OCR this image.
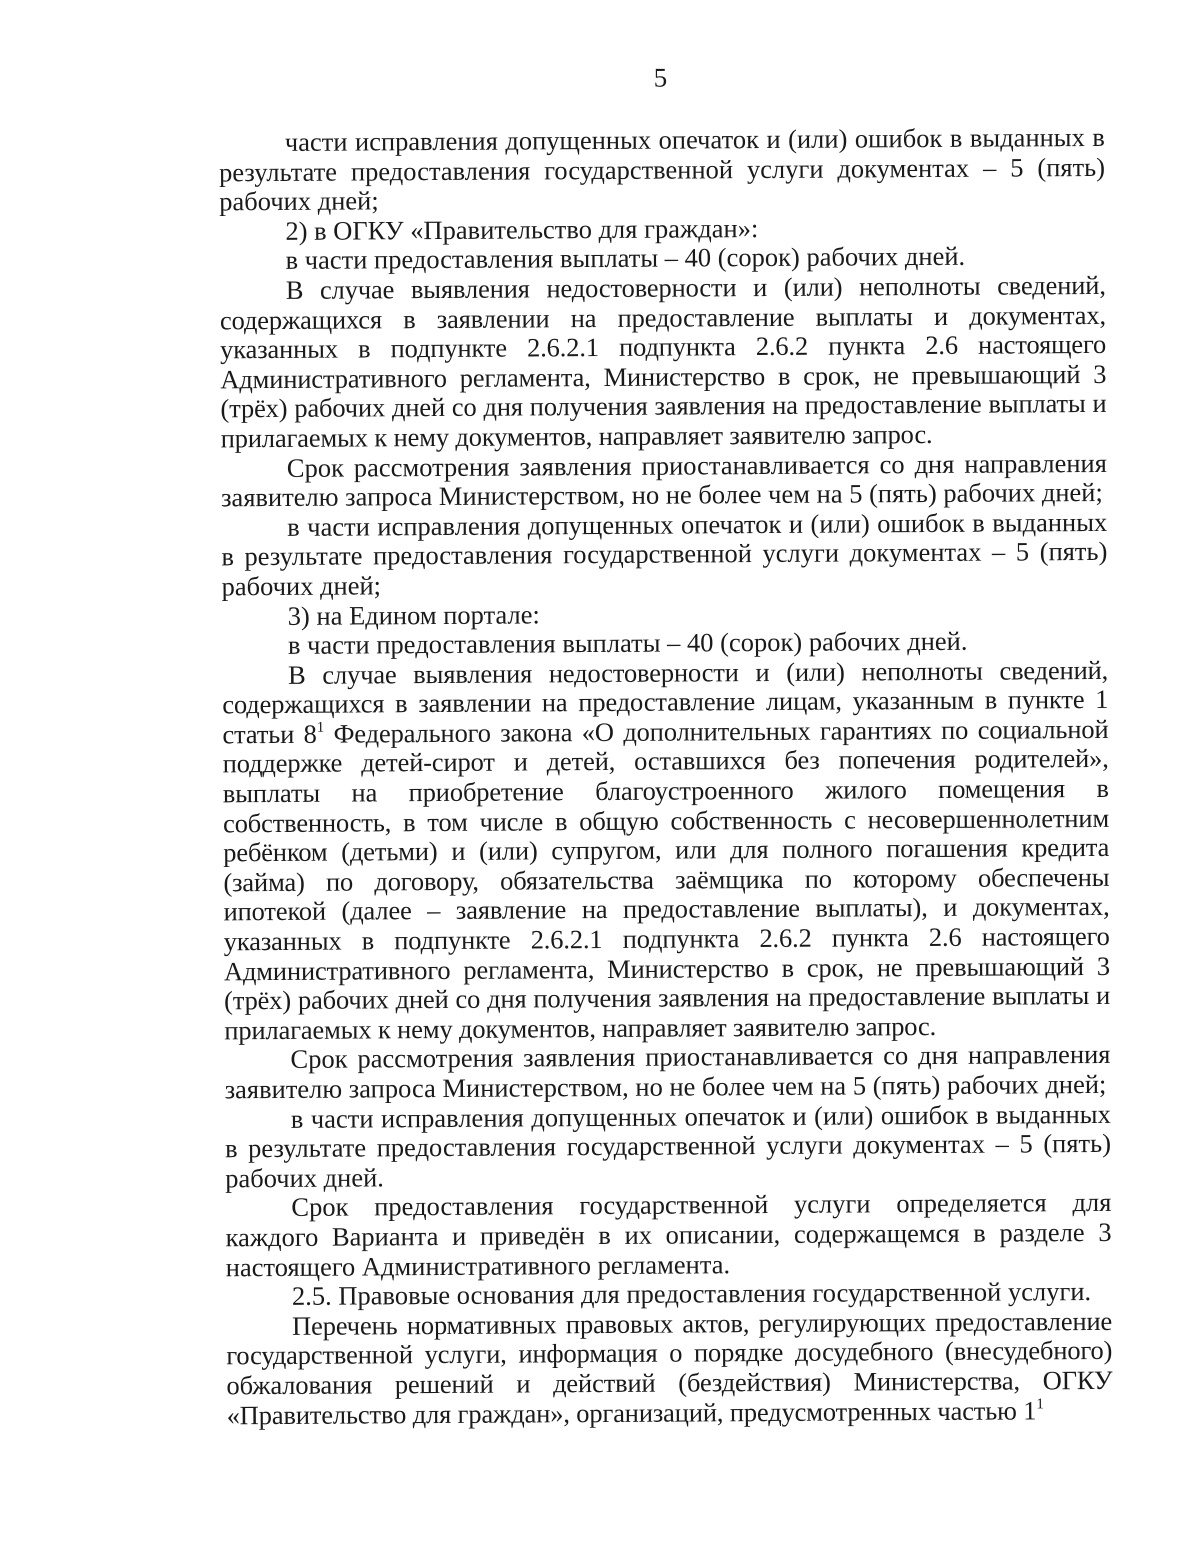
5

части исправления допущенных опечаток и (или) ошибок в выданных в результате предоставления государственной услуги документах – 5 (пять) рабочих дней;

2) в ОГКУ «Правительство для граждан»:

в части предоставления выплаты – 40 (сорок) рабочих дней.

В случае выявления недостоверности и (или) неполноты сведений, содержащихся в заявлении на предоставление выплаты и документах, указанных в подпункте 2.6.2.1 подпункта 2.6.2 пункта 2.6 настоящего Административного регламента, Министерство в срок, не превышающий 3 (трёх) рабочих дней со дня получения заявления на предоставление выплаты и прилагаемых к нему документов, направляет заявителю запрос.

Срок рассмотрения заявления приостанавливается со дня направления заявителю запроса Министерством, но не более чем на 5 (пять) рабочих дней;

в части исправления допущенных опечаток и (или) ошибок в выданных в результате предоставления государственной услуги документах – 5 (пять) рабочих дней;

3) на Едином портале:

в части предоставления выплаты – 40 (сорок) рабочих дней.

В случае выявления недостоверности и (или) неполноты сведений, содержащихся в заявлении на предоставление лицам, указанным в пункте 1 статьи $8^1$ Федерального закона «О дополнительных гарантиях по социальной поддержке детей-сирот и детей, оставшихся без попечения родителей», выплаты на приобретение благоустроенного жилого помещения в собственность, в том числе в общую собственность с несовершеннолетним ребёнком (детьми) и (или) супругом, или для полного погашения кредита (займа) по договору, обязательства заёмщика по которому обеспечены ипотекой (далее – заявление на предоставление выплаты), и документах, указанных в подпункте 2.6.2.1 подпункта 2.6.2 пункта 2.6 настоящего Административного регламента, Министерство в срок, не превышающий 3 (трёх) рабочих дней со дня получения заявления на предоставление выплаты и прилагаемых к нему документов, направляет заявителю запрос.

Срок рассмотрения заявления приостанавливается со дня направления заявителю запроса Министерством, но не более чем на 5 (пять) рабочих дней;

в части исправления допущенных опечаток и (или) ошибок в выданных в результате предоставления государственной услуги документах – 5 (пять) рабочих дней.

Срок предоставления государственной услуги определяется для каждого Варианта и приведён в их описании, содержащемся в разделе 3 настоящего Административного регламента.

2.5. Правовые основания для предоставления государственной услуги.

Перечень нормативных правовых актов, регулирующих предоставление государственной услуги, информация о порядке досудебного (внесудебного) обжалования решений и действий (бездействия) Министерства, ОГКУ «Правительство для граждан», организаций, предусмотренных частью $1^1$
